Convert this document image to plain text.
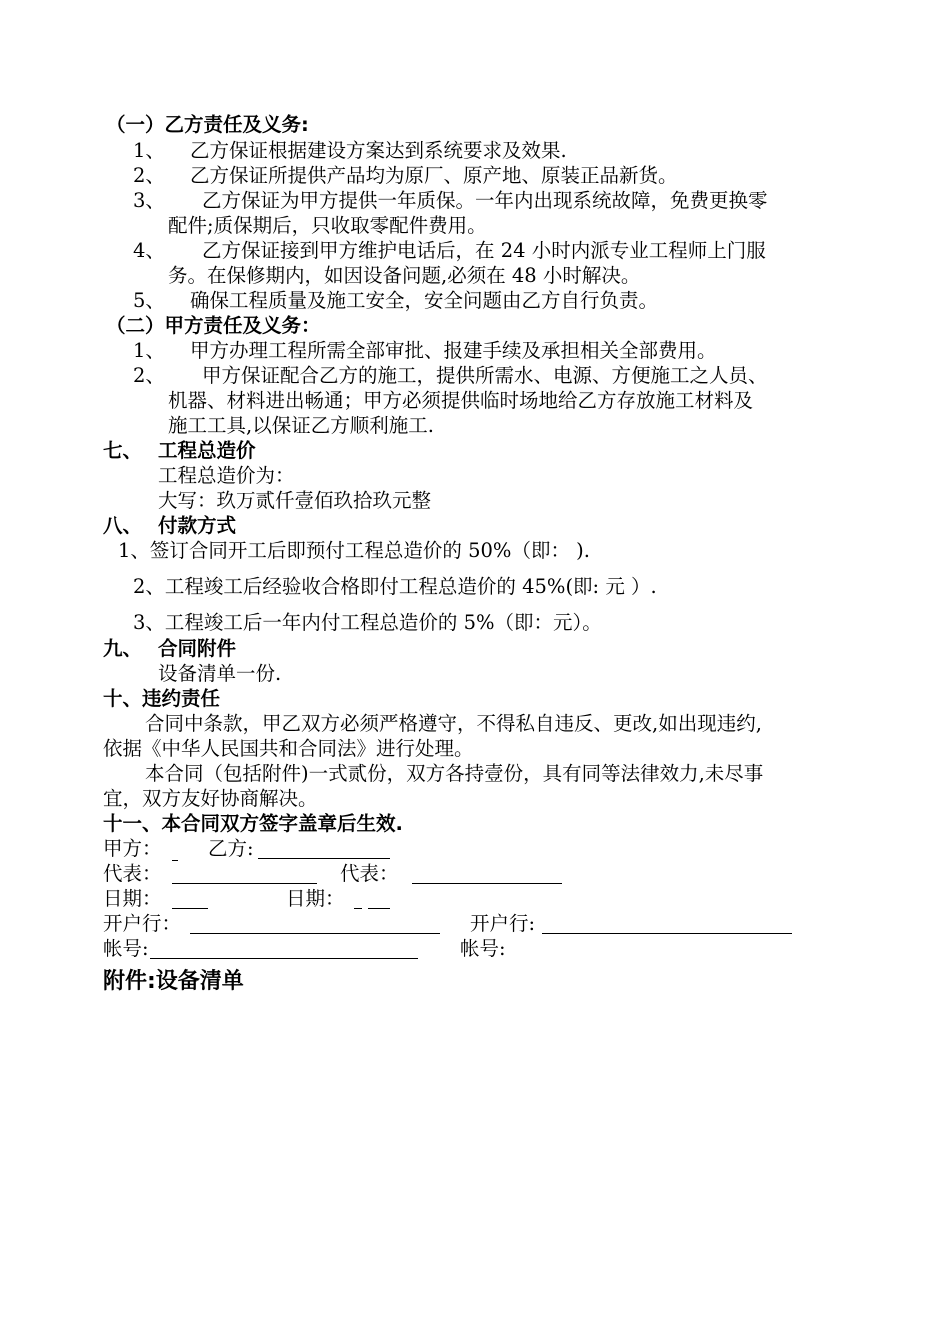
（一）乙方责任及义务:
1、 乙方保证根据建设方案达到系统要求及效果.
2、 乙方保证所提供产品均为原厂、原产地、原装正品新货。
3、 乙方保证为甲方提供一年质保。一年内出现系统故障，免费更换零
配件;质保期后，只收取零配件费用。
4、 乙方保证接到甲方维护电话后，在 24 小时内派专业工程师上门服
务。在保修期内，如因设备问题,必须在 48 小时解决。
5、 确保工程质量及施工安全，安全问题由乙方自行负责。
（二）甲方责任及义务：
1、 甲方办理工程所需全部审批、报建手续及承担相关全部费用。
2、 甲方保证配合乙方的施工，提供所需水、电源、方便施工之人员、
机器、材料进出畅通；甲方必须提供临时场地给乙方存放施工材料及
施工工具,以保证乙方顺利施工.
七、 工程总造价
工程总造价为：
大写：玖万贰仟壹佰玖拾玖元整
八、 付款方式
1、签订合同开工后即预付工程总造价的 50%（即： ).
2、工程竣工后经验收合格即付工程总造价的 45%(即: 元 ）.
3、工程竣工后一年内付工程总造价的 5%（即：元）。
九、 合同附件
设备清单一份.
十、违约责任
合同中条款，甲乙双方必须严格遵守，不得私自违反、更改,如出现违约,
依据《中华人民国共和合同法》进行处理。
本合同（包括附件)一式贰份，双方各持壹份，具有同等法律效力,未尽事
宜，双方友好协商解决。
十一、本合同双方签字盖章后生效.
甲方： 乙方:
代表：	代表：
日期：	日期：
开户行：	开户行:
帐号:	帐号:
附件:设备清单
